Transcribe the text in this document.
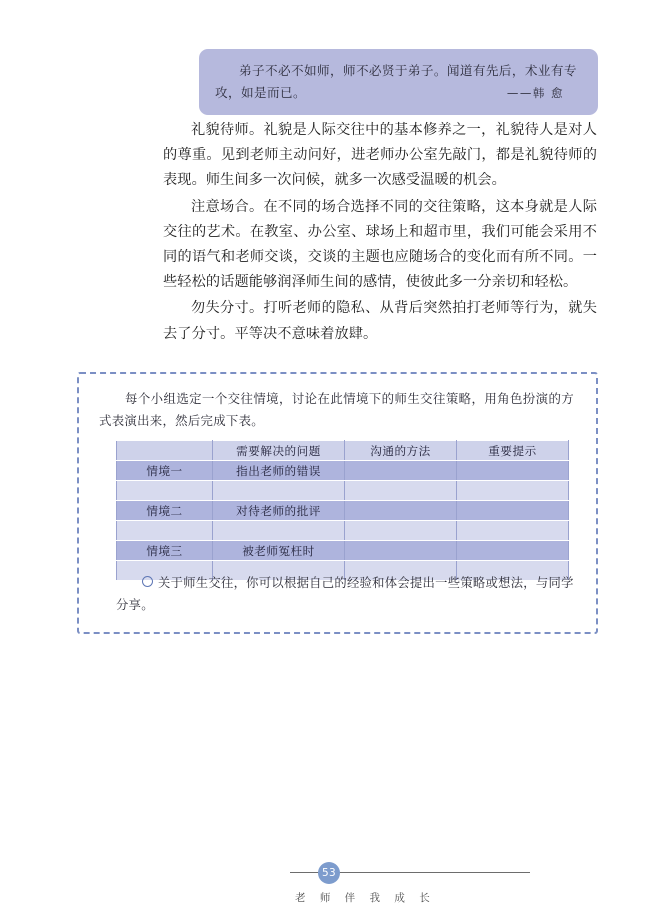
弟子不必不如师，师不必贤于弟子。闻道有先后，术业有专
攻，如是而已。	——韩 愈

礼貌待师。礼貌是人际交往中的基本修养之一，礼貌待人是对人的尊重。见到老师主动问好，进老师办公室先敲门，都是礼貌待师的表现。师生间多一次问候，就多一次感受温暖的机会。

注意场合。在不同的场合选择不同的交往策略，这本身就是人际交往的艺术。在教室、办公室、球场上和超市里，我们可能会采用不同的语气和老师交谈，交谈的主题也应随场合的变化而有所不同。一些轻松的话题能够润泽师生间的感情，使彼此多一分亲切和轻松。

勿失分寸。打听老师的隐私、从背后突然拍打老师等行为，就失去了分寸。平等决不意味着放肆。

每个小组选定一个交往情境，讨论在此情境下的师生交往策略，用角色扮演的方式表演出来，然后完成下表。
	需要解决的问题	沟通的方法	重要提示
情境一	指出老师的错误		

情境二	对待老师的批评		

情境三	被老师冤枉时		

关于师生交往，你可以根据自己的经验和体会提出一些策略或想法，与同学分享。
53
老 师 伴 我 成 长
